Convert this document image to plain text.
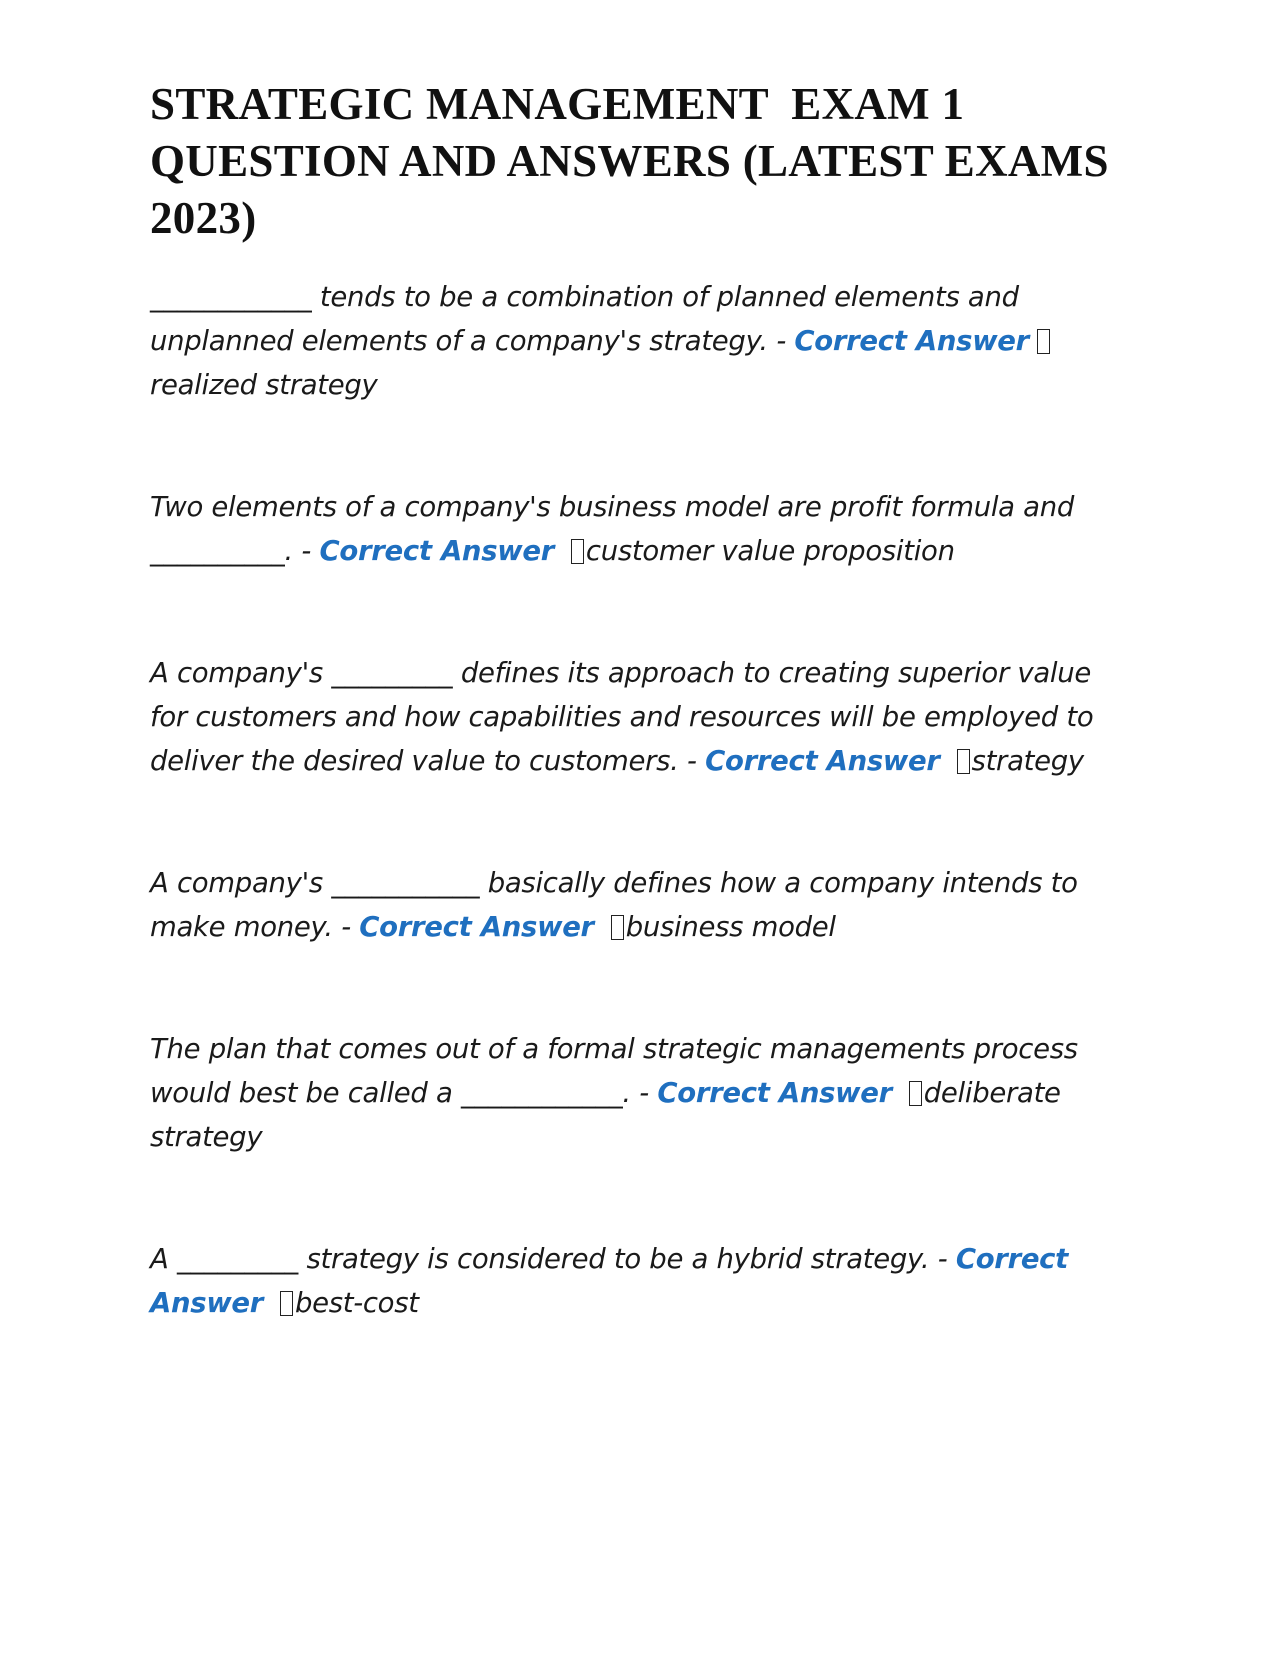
STRATEGIC MANAGEMENT  EXAM 1 QUESTION AND ANSWERS (LATEST EXAMS 2023)

____________ tends to be a combination of planned elements and unplanned elements of a company's strategy. - Correct Answer realized strategy

Two elements of a company's business model are profit formula and __________. - Correct Answer customer value proposition

A company's _________ defines its approach to creating superior value for customers and how capabilities and resources will be employed to deliver the desired value to customers. - Correct Answer strategy

A company's ___________ basically defines how a company intends to make money. - Correct Answer business model

The plan that comes out of a formal strategic managements process would best be called a ____________. - Correct Answer deliberate strategy

A _________ strategy is considered to be a hybrid strategy. - Correct Answer best-cost
